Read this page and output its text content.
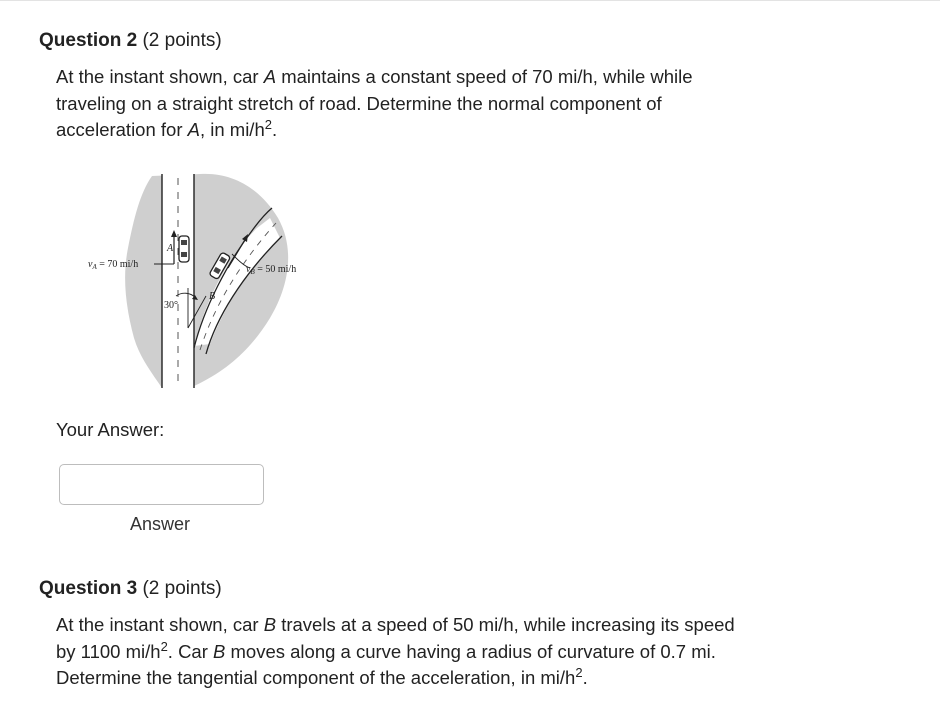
Question 2 (2 points)
At the instant shown, car A maintains a constant speed of 70 mi/h, while while
traveling on a straight stretch of road. Determine the normal component of
acceleration for A, in $mi/h^2$.
$v_A = 70$ mi/h	$v_B = 50$ mi/h
A
B
30°
Your Answer:
Answer
Question 3 (2 points)
At the instant shown, car B travels at a speed of 50 mi/h, while increasing its speed
by 1100 $mi/h^2$. Car B moves along a curve having a radius of curvature of 0.7 mi.
Determine the tangential component of the acceleration, in $mi/h^2$.
